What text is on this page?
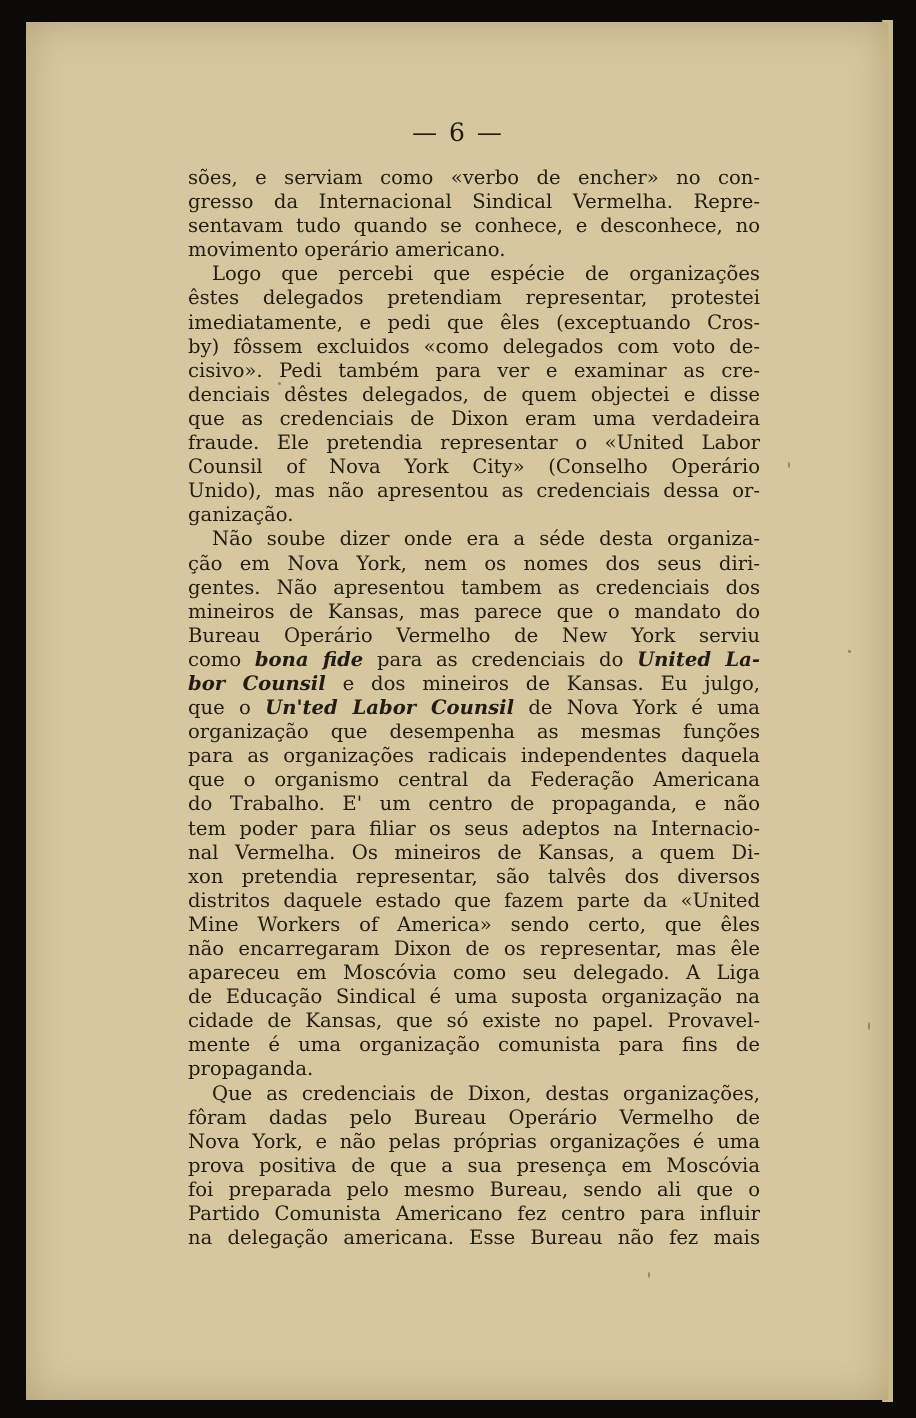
— 6 —
sões, e serviam como «verbo de encher» no con-
gresso da Internacional Sindical Vermelha. Repre-
sentavam tudo quando se conhece, e desconhece, no
movimento operário americano.
Logo que percebi que espécie de organizações
êstes delegados pretendiam representar, protestei
imediatamente, e pedi que êles (exceptuando Cros-
by) fôssem excluidos «como delegados com voto de-
cisivo». Pedi também para ver e examinar as cre-
denciais dêstes delegados, de quem objectei e disse
que as credenciais de Dixon eram uma verdadeira
fraude. Ele pretendia representar o «United Labor
Counsil of Nova York City» (Conselho Operário
Unido), mas não apresentou as credenciais dessa or-
ganização.
Não soube dizer onde era a séde desta organiza-
ção em Nova York, nem os nomes dos seus diri-
gentes. Não apresentou tambem as credenciais dos
mineiros de Kansas, mas parece que o mandato do
Bureau Operário Vermelho de New York serviu
como bona fide para as credenciais do United La-
bor Counsil e dos mineiros de Kansas. Eu julgo,
que o Un'ted Labor Counsil de Nova York é uma
organização que desempenha as mesmas funções
para as organizações radicais independentes daquela
que o organismo central da Federação Americana
do Trabalho. E' um centro de propaganda, e não
tem poder para filiar os seus adeptos na Internacio-
nal Vermelha. Os mineiros de Kansas, a quem Di-
xon pretendia representar, são talvês dos diversos
distritos daquele estado que fazem parte da «United
Mine Workers of America» sendo certo, que êles
não encarregaram Dixon de os representar, mas êle
apareceu em Moscóvia como seu delegado. A Liga
de Educação Sindical é uma suposta organização na
cidade de Kansas, que só existe no papel. Provavel-
mente é uma organização comunista para fins de
propaganda.
Que as credenciais de Dixon, destas organizações,
fôram dadas pelo Bureau Operário Vermelho de
Nova York, e não pelas próprias organizações é uma
prova positiva de que a sua presença em Moscóvia
foi preparada pelo mesmo Bureau, sendo ali que o
Partido Comunista Americano fez centro para influir
na delegação americana. Esse Bureau não fez mais
